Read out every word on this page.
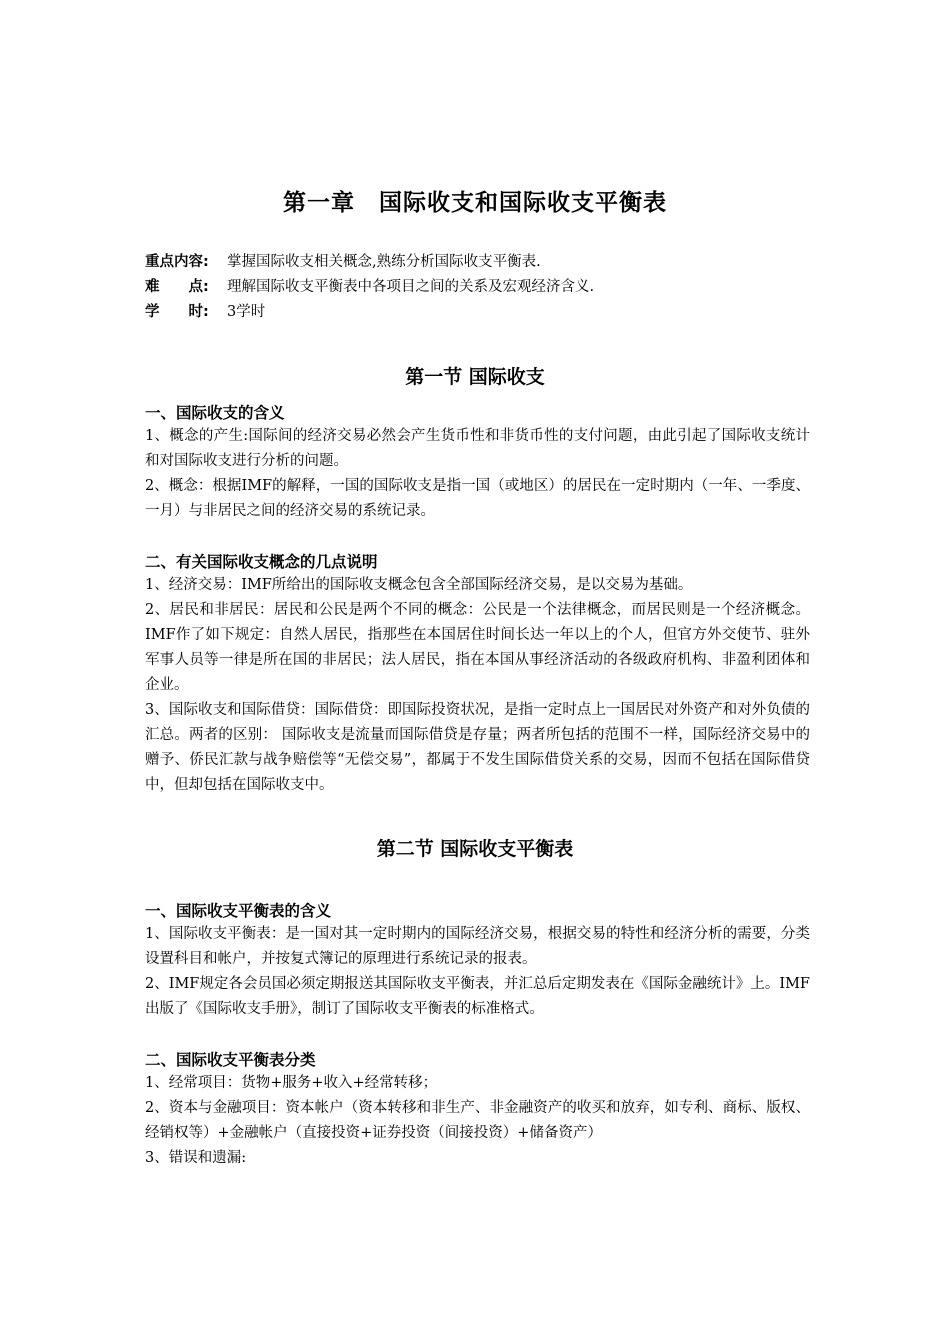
第一章　国际收支和国际收支平衡表
重点内容: 掌握国际收支相关概念,熟练分析国际收支平衡表.
难　　点: 理解国际收支平衡表中各项目之间的关系及宏观经济含义.
学　　时: 3学时
第一节 国际收支
一、国际收支的含义
1、概念的产生:国际间的经济交易必然会产生货币性和非货币性的支付问题，由此引起了国际收支统计和对国际收支进行分析的问题。
2、概念：根据IMF的解释，一国的国际收支是指一国（或地区）的居民在一定时期内（一年、一季度、一月）与非居民之间的经济交易的系统记录。
二、有关国际收支概念的几点说明
1、经济交易：IMF所给出的国际收支概念包含全部国际经济交易，是以交易为基础。
2、居民和非居民：居民和公民是两个不同的概念：公民是一个法律概念，而居民则是一个经济概念。 IMF作了如下规定：自然人居民，指那些在本国居住时间长达一年以上的个人，但官方外交使节、驻外军事人员等一律是所在国的非居民；法人居民，指在本国从事经济活动的各级政府机构、非盈利团体和企业。
3、国际收支和国际借贷：国际借贷：即国际投资状况，是指一定时点上一国居民对外资产和对外负债的汇总。两者的区别： 国际收支是流量而国际借贷是存量；两者所包括的范围不一样，国际经济交易中的赠予、侨民汇款与战争赔偿等“无偿交易”，都属于不发生国际借贷关系的交易，因而不包括在国际借贷中，但却包括在国际收支中。
第二节 国际收支平衡表
一、国际收支平衡表的含义
1、国际收支平衡表：是一国对其一定时期内的国际经济交易，根据交易的特性和经济分析的需要，分类设置科目和帐户，并按复式簿记的原理进行系统记录的报表。
2、IMF规定各会员国必须定期报送其国际收支平衡表，并汇总后定期发表在《国际金融统计》上。IMF出版了《国际收支手册》，制订了国际收支平衡表的标准格式。
二、国际收支平衡表分类
1、经常项目：货物+服务+收入+经常转移；
2、资本与金融项目：资本帐户（资本转移和非生产、非金融资产的收买和放弃，如专利、商标、版权、经销权等）+金融帐户（直接投资+证券投资（间接投资）+储备资产）
3、错误和遗漏:
